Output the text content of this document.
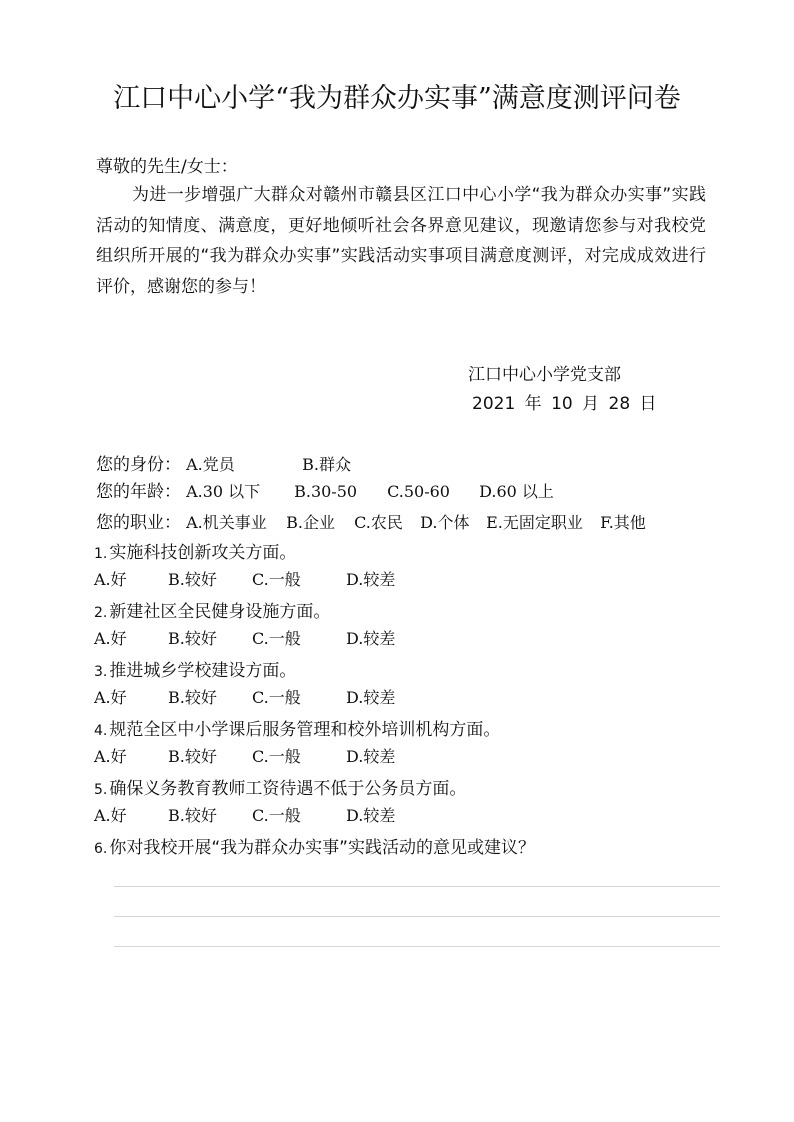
江口中心小学“我为群众办实事”满意度测评问卷
尊敬的先生/女士：
为进一步增强广大群众对赣州市赣县区江口中心小学“我为群众办实事”实践活动的知情度、满意度，更好地倾听社会各界意见建议，现邀请您参与对我校党组织所开展的“我为群众办实事”实践活动实事项目满意度测评，对完成成效进行评价，感谢您的参与！
江口中心小学党支部
2021 年 10 月 28 日
您的身份： A.党员	B.群众
您的年龄： A.30 以下 B.30-50 C.50-60 D.60 以上
您的职业： A.机关事业 B.企业 C.农民 D.个体 E.无固定职业 F.其他
1. 实施科技创新攻关方面。
A.好	B.较好 C.一般	D.较差
2. 新建社区全民健身设施方面。
A.好	B.较好 C.一般	D.较差
3. 推进城乡学校建设方面。
A.好	B.较好 C.一般	D.较差
4. 规范全区中小学课后服务管理和校外培训机构方面。
A.好	B.较好 C.一般	D.较差
5. 确保义务教育教师工资待遇不低于公务员方面。
A.好	B.较好 C.一般	D.较差
6. 你对我校开展“我为群众办实事”实践活动的意见或建议？
